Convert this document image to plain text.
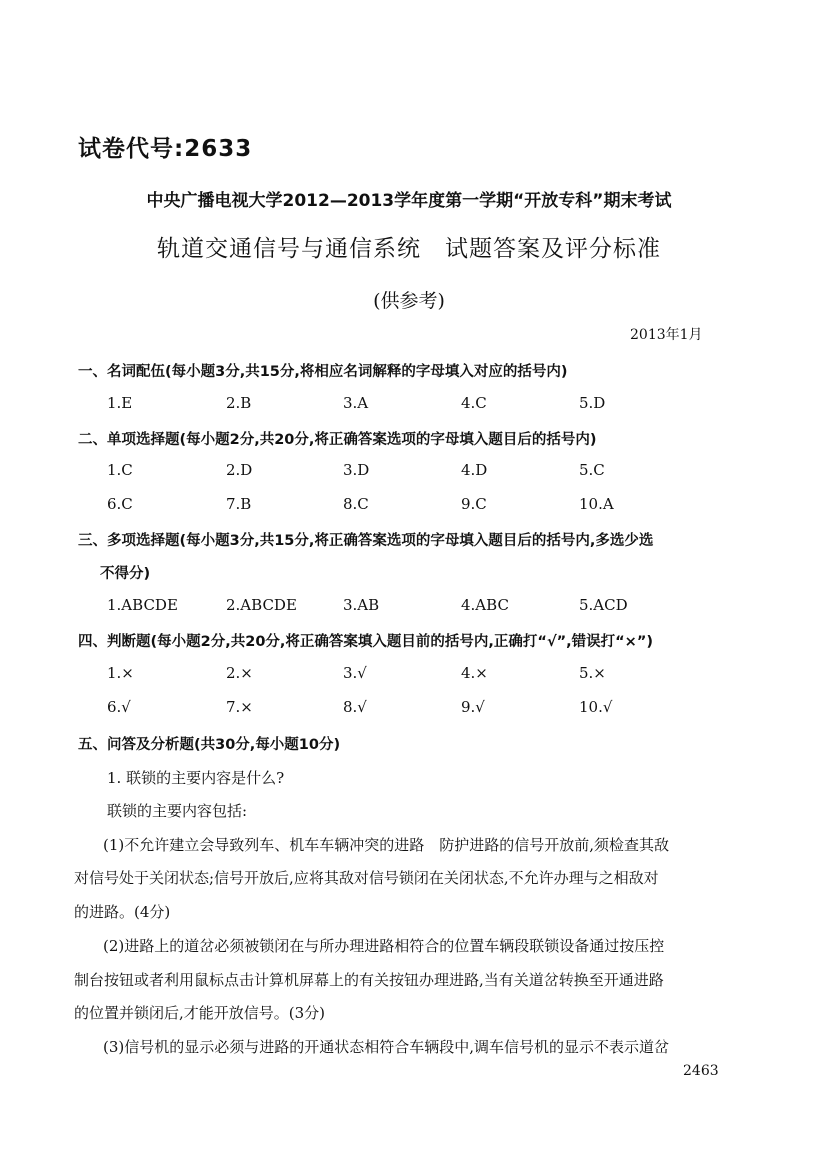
试卷代号:2633
中央广播电视大学2012—2013学年度第一学期“开放专科”期末考试
轨道交通信号与通信系统　试题答案及评分标准
(供参考)
2013年1月
一、名词配伍(每小题3分,共15分,将相应名词解释的字母填入对应的括号内)
1.E	2.B	3.A	4.C	5.D
二、单项选择题(每小题2分,共20分,将正确答案选项的字母填入题目后的括号内)
1.C	2.D	3.D	4.D	5.C
6.C	7.B	8.C	9.C	10.A
三、多项选择题(每小题3分,共15分,将正确答案选项的字母填入题目后的括号内,多选少选
不得分)
1.ABCDE	2.ABCDE	3.AB	4.ABC	5.ACD
四、判断题(每小题2分,共20分,将正确答案填入题目前的括号内,正确打“√”,错误打“×”)
1.×	2.×	3.√	4.×	5.×
6.√	7.×	8.√	9.√	10.√
五、问答及分析题(共30分,每小题10分)
1. 联锁的主要内容是什么?
联锁的主要内容包括:
(1)不允许建立会导致列车、机车车辆冲突的进路　防护进路的信号开放前,须检查其敌
对信号处于关闭状态;信号开放后,应将其敌对信号锁闭在关闭状态,不允许办理与之相敌对
的进路。(4分)
(2)进路上的道岔必须被锁闭在与所办理进路相符合的位置车辆段联锁设备通过按压控
制台按钮或者利用鼠标点击计算机屏幕上的有关按钮办理进路,当有关道岔转换至开通进路
的位置并锁闭后,才能开放信号。(3分)
(3)信号机的显示必须与进路的开通状态相符合车辆段中,调车信号机的显示不表示道岔
2463
